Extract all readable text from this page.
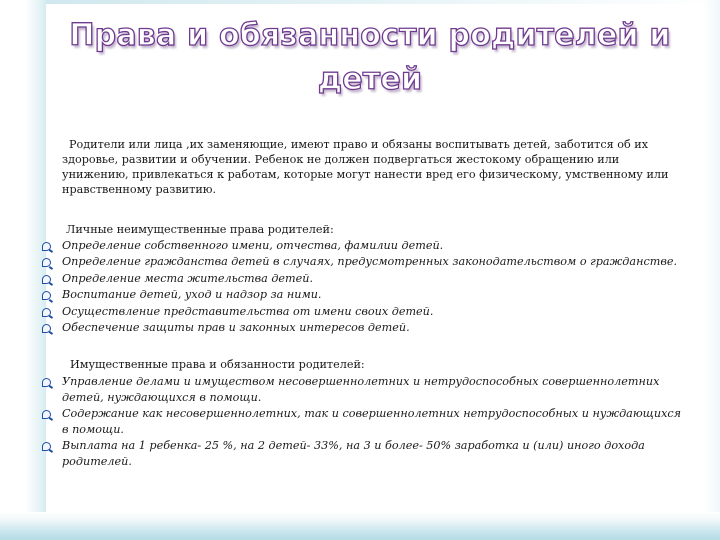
Права и обязанности родителей и детей

Родители или лица ,их заменяющие, имеют право и обязаны воспитывать детей, заботится об их здоровье, развитии и обучении. Ребенок не должен подвергаться жестокому обращению или унижению, привлекаться к работам, которые могут нанести вред его физическому, умственному или нравственному развитию.

Личные неимущественные права родителей:

Определение собственного имени, отчества, фамилии детей.
Определение гражданства детей в случаях, предусмотренных законодательством о гражданстве.
Определение места жительства детей.
Воспитание детей, уход и надзор за ними.
Осуществление представительства от имени своих детей.
Обеспечение защиты прав и законных интересов детей.

Имущественные права и обязанности родителей:

Управление делами и имуществом несовершеннолетних и нетрудоспособных совершеннолетних детей, нуждающихся в помощи.
Содержание как несовершеннолетних, так и совершеннолетних нетрудоспособных и нуждающихся в помощи.
Выплата на 1 ребенка- 25 %, на 2 детей- 33%, на 3 и более- 50% заработка и (или) иного дохода родителей.
